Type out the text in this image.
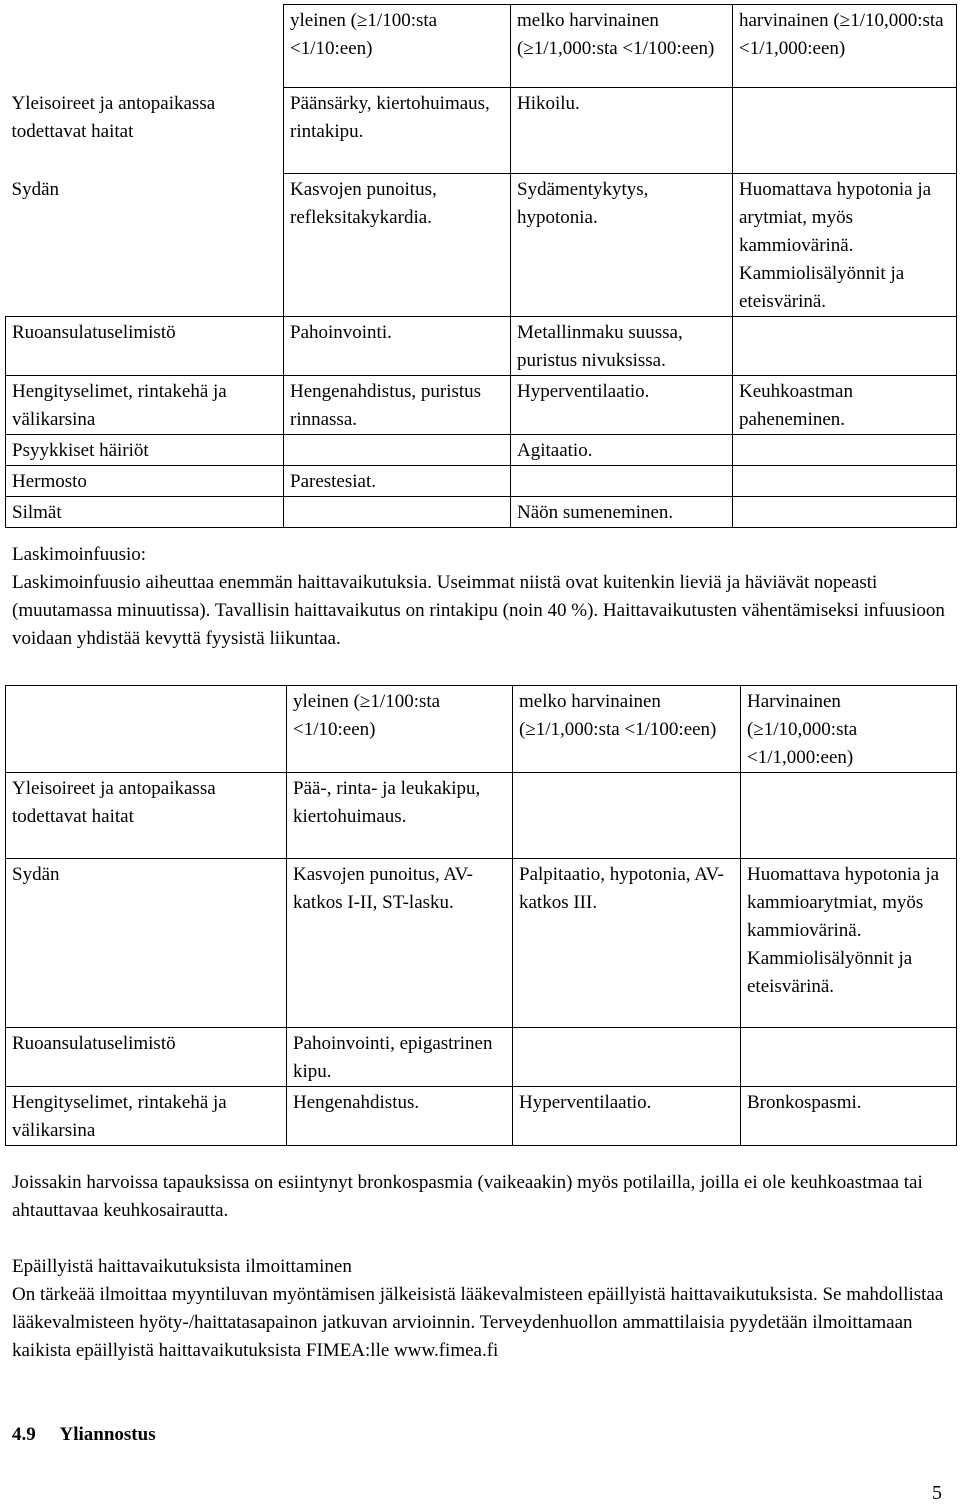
	yleinen (≥1/100:sta <1/10:een)	melko harvinainen (≥1/1,000:sta <1/100:een)	harvinainen (≥1/10,000:sta <1/1,000:een)
Yleisoireet ja antopaikassa todettavat haitat	Päänsärky, kiertohuimaus, rintakipu.	Hikoilu.	
Sydän	Kasvojen punoitus, refleksitakykardia.	Sydämentykytys, hypotonia.	Huomattava hypotonia ja arytmiat, myös kammiovärinä. Kammiolisälyönnit ja eteisvärinä.
Ruoansulatuselimistö	Pahoinvointi.	Metallinmaku suussa, puristus nivuksissa.	
Hengityselimet, rintakehä ja välikarsina	Hengenahdistus, puristus rinnassa.	Hyperventilaatio.	Keuhkoastman paheneminen.
Psyykkiset häiriöt		Agitaatio.	
Hermosto	Parestesiat.		
Silmät		Näön sumeneminen.	

Laskimoinfuusio:

Laskimoinfuusio aiheuttaa enemmän haittavaikutuksia. Useimmat niistä ovat kuitenkin lieviä ja häviävät nopeasti (muutamassa minuutissa). Tavallisin haittavaikutus on rintakipu (noin 40 %). Haittavaikutusten vähentämiseksi infuusioon voidaan yhdistää kevyttä fyysistä liikuntaa.

	yleinen (≥1/100:sta <1/10:een)	melko harvinainen (≥1/1,000:sta <1/100:een)	Harvinainen (≥1/10,000:sta <1/1,000:een)
Yleisoireet ja antopaikassa todettavat haitat	Pää-, rinta- ja leukakipu, kiertohuimaus.		
Sydän	Kasvojen punoitus, AV-katkos I-II, ST-lasku.	Palpitaatio, hypotonia, AV-katkos III.	Huomattava hypotonia ja kammioarytmiat, myös kammiovärinä. Kammiolisälyönnit ja eteisvärinä.
Ruoansulatuselimistö	Pahoinvointi, epigastrinen kipu.		
Hengityselimet, rintakehä ja välikarsina	Hengenahdistus.	Hyperventilaatio.	Bronkospasmi.

Joissakin harvoissa tapauksissa on esiintynyt bronkospasmia (vaikeaakin) myös potilailla, joilla ei ole keuhkoastmaa tai ahtauttavaa keuhkosairautta.

Epäillyistä haittavaikutuksista ilmoittaminen

On tärkeää ilmoittaa myyntiluvan myöntämisen jälkeisistä lääkevalmisteen epäillyistä haittavaikutuksista. Se mahdollistaa lääkevalmisteen hyöty-/haittatasapainon jatkuvan arvioinnin. Terveydenhuollon ammattilaisia pyydetään ilmoittamaan kaikista epäillyistä haittavaikutuksista FIMEA:lle www.fimea.fi

4.9 Yliannostus

5
